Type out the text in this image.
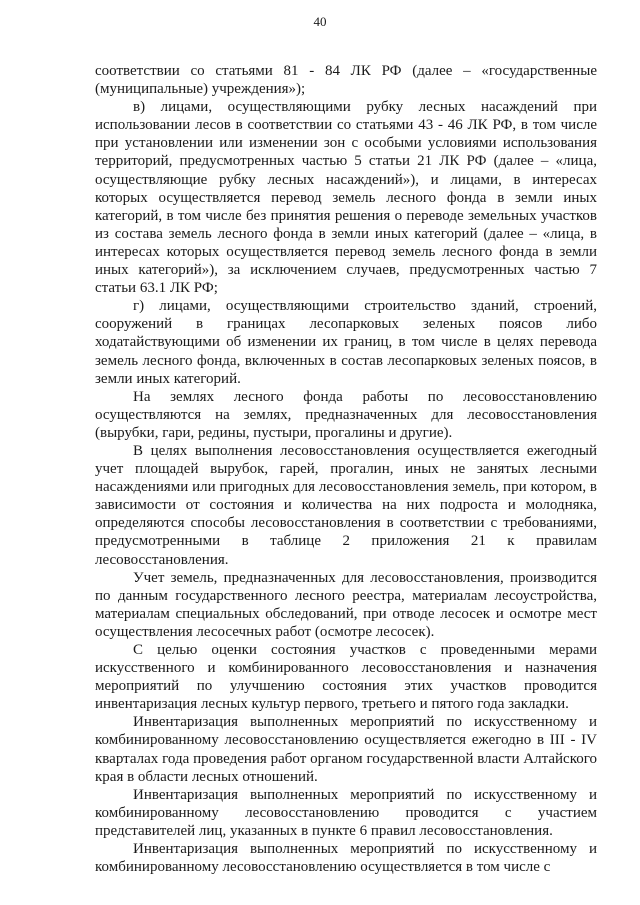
40

соответствии со статьями 81 - 84 ЛК РФ (далее – «государственные (муниципальные) учреждения»);

в) лицами, осуществляющими рубку лесных насаждений при использовании лесов в соответствии со статьями 43 - 46 ЛК РФ, в том числе при установлении или изменении зон с особыми условиями использования территорий, предусмотренных частью 5 статьи 21 ЛК РФ (далее – «лица, осуществляющие рубку лесных насаждений»), и лицами, в интересах которых осуществляется перевод земель лесного фонда в земли иных категорий, в том числе без принятия решения о переводе земельных участков из состава земель лесного фонда в земли иных категорий (далее – «лица, в интересах которых осуществляется перевод земель лесного фонда в земли иных категорий»), за исключением случаев, предусмотренных частью 7 статьи 63.1 ЛК РФ;

г) лицами, осуществляющими строительство зданий, строений, сооружений в границах лесопарковых зеленых поясов либо ходатайствующими об изменении их границ, в том числе в целях перевода земель лесного фонда, включенных в состав лесопарковых зеленых поясов, в земли иных категорий.

На землях лесного фонда работы по лесовосстановлению осуществляются на землях, предназначенных для лесовосстановления (вырубки, гари, редины, пустыри, прогалины и другие).

В целях выполнения лесовосстановления осуществляется ежегодный учет площадей вырубок, гарей, прогалин, иных не занятых лесными насаждениями или пригодных для лесовосстановления земель, при котором, в зависимости от состояния и количества на них подроста и молодняка, определяются способы лесовосстановления в соответствии с требованиями, предусмотренными в таблице 2 приложения 21 к правилам лесовосстановления.

Учет земель, предназначенных для лесовосстановления, производится по данным государственного лесного реестра, материалам лесоустройства, материалам специальных обследований, при отводе лесосек и осмотре мест осуществления лесосечных работ (осмотре лесосек).

С целью оценки состояния участков с проведенными мерами искусственного и комбинированного лесовосстановления и назначения мероприятий по улучшению состояния этих участков проводится инвентаризация лесных культур первого, третьего и пятого года закладки.

Инвентаризация выполненных мероприятий по искусственному и комбинированному лесовосстановлению осуществляется ежегодно в III - IV кварталах года проведения работ органом государственной власти Алтайского края в области лесных отношений.

Инвентаризация выполненных мероприятий по искусственному и комбинированному лесовосстановлению проводится с участием представителей лиц, указанных в пункте 6 правил лесовосстановления.

Инвентаризация выполненных мероприятий по искусственному и комбинированному лесовосстановлению осуществляется в том числе с
